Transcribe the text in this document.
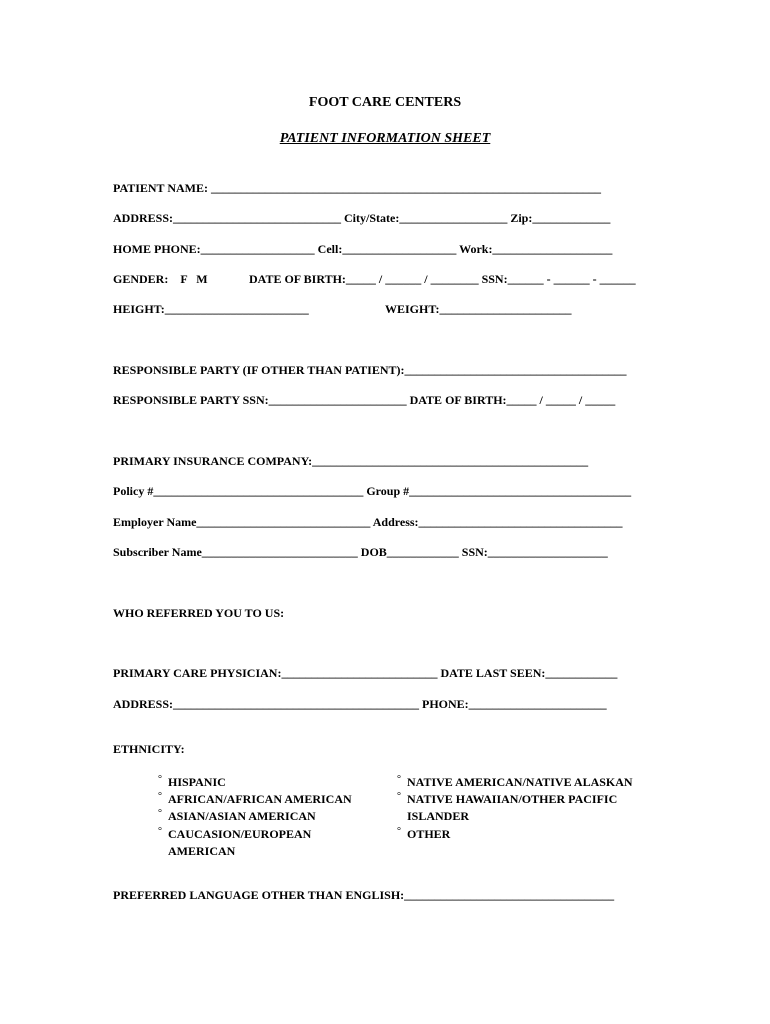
FOOT CARE CENTERS
PATIENT INFORMATION SHEET
PATIENT NAME: _________________________________________________________________
ADDRESS:____________________________ City/State:__________________ Zip:_____________
HOME PHONE:___________________ Cell:___________________ Work:____________________
GENDER:    F   M	DATE OF BIRTH:_____ / ______ / ________ SSN:______ - ______ - ______
HEIGHT:________________________	WEIGHT:______________________
RESPONSIBLE PARTY (IF OTHER THAN PATIENT):_____________________________________
RESPONSIBLE PARTY SSN:_______________________ DATE OF BIRTH:_____ / _____ / _____
PRIMARY INSURANCE COMPANY:______________________________________________
Policy #___________________________________ Group #_____________________________________
Employer Name_____________________________ Address:__________________________________
Subscriber Name__________________________ DOB____________ SSN:____________________
WHO REFERRED YOU TO US:
PRIMARY CARE PHYSICIAN:__________________________ DATE LAST SEEN:____________
ADDRESS:_________________________________________ PHONE:_______________________
ETHNICITY:
° HISPANIC
° AFRICAN/AFRICAN AMERICAN
° ASIAN/ASIAN AMERICAN
° CAUCASION/EUROPEAN AMERICAN
° NATIVE AMERICAN/NATIVE ALASKAN
° NATIVE HAWAIIAN/OTHER PACIFIC ISLANDER
° OTHER
PREFERRED LANGUAGE OTHER THAN ENGLISH:___________________________________
